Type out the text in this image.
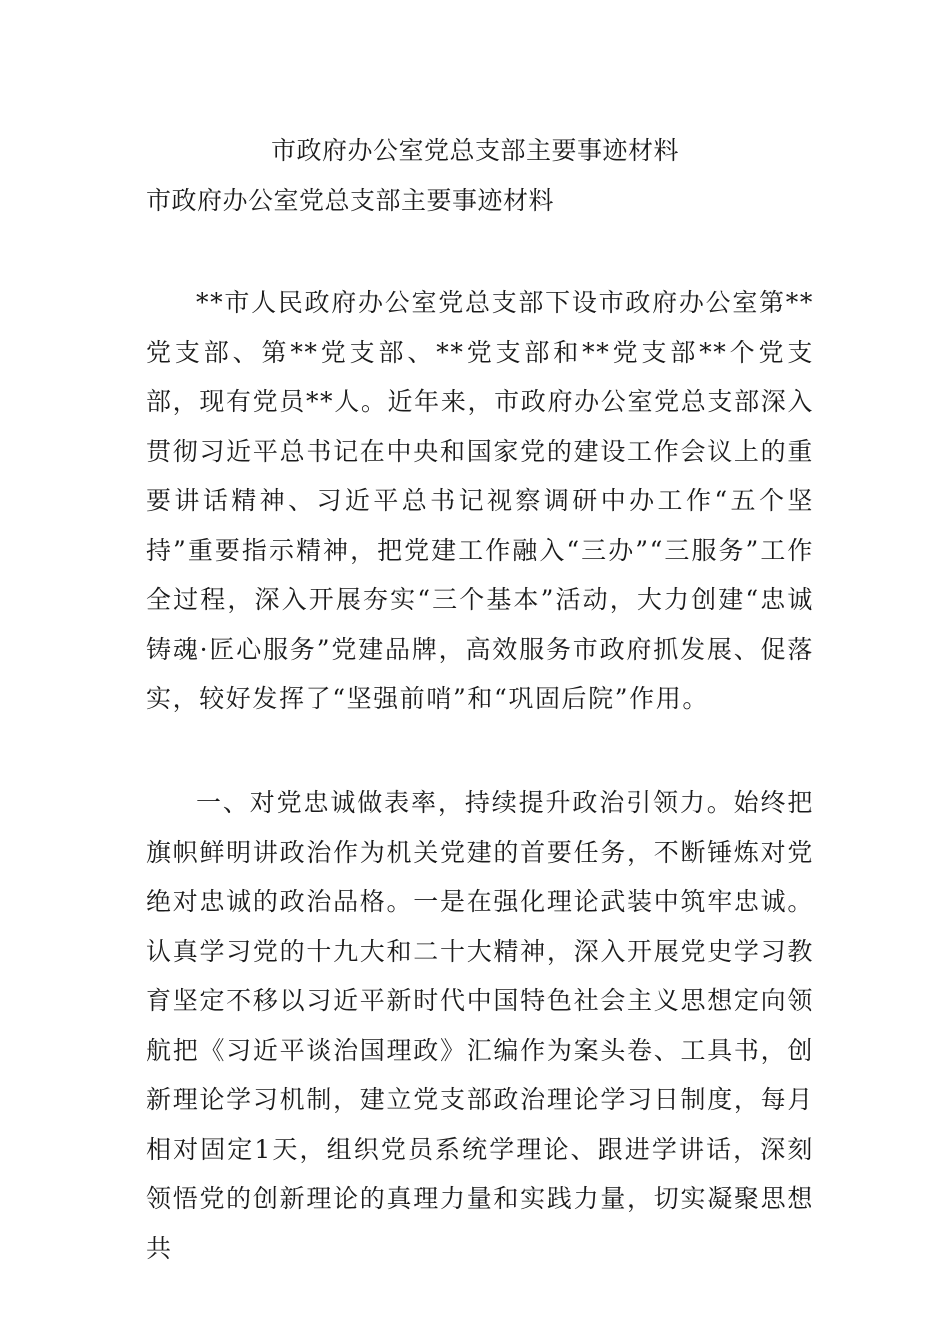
市政府办公室党总支部主要事迹材料
市政府办公室党总支部主要事迹材料

**市人民政府办公室党总支部下设市政府办公室第**党支部、第**党支部、**党支部和**党支部**个党支部，现有党员**人。近年来，市政府办公室党总支部深入贯彻习近平总书记在中央和国家党的建设工作会议上的重要讲话精神、习近平总书记视察调研中办工作“五个坚持”重要指示精神，把党建工作融入“三办”“三服务”工作全过程，深入开展夯实“三个基本”活动，大力创建“忠诚铸魂·匠心服务”党建品牌，高效服务市政府抓发展、促落实，较好发挥了“坚强前哨”和“巩固后院”作用。

一、对党忠诚做表率，持续提升政治引领力。始终把旗帜鲜明讲政治作为机关党建的首要任务，不断锤炼对党绝对忠诚的政治品格。一是在强化理论武装中筑牢忠诚。认真学习党的十九大和二十大精神，深入开展党史学习教育坚定不移以习近平新时代中国特色社会主义思想定向领航把《习近平谈治国理政》汇编作为案头卷、工具书，创新理论学习机制，建立党支部政治理论学习日制度，每月相对固定1天，组织党员系统学理论、跟进学讲话，深刻领悟党的创新理论的真理力量和实践力量，切实凝聚思想共
